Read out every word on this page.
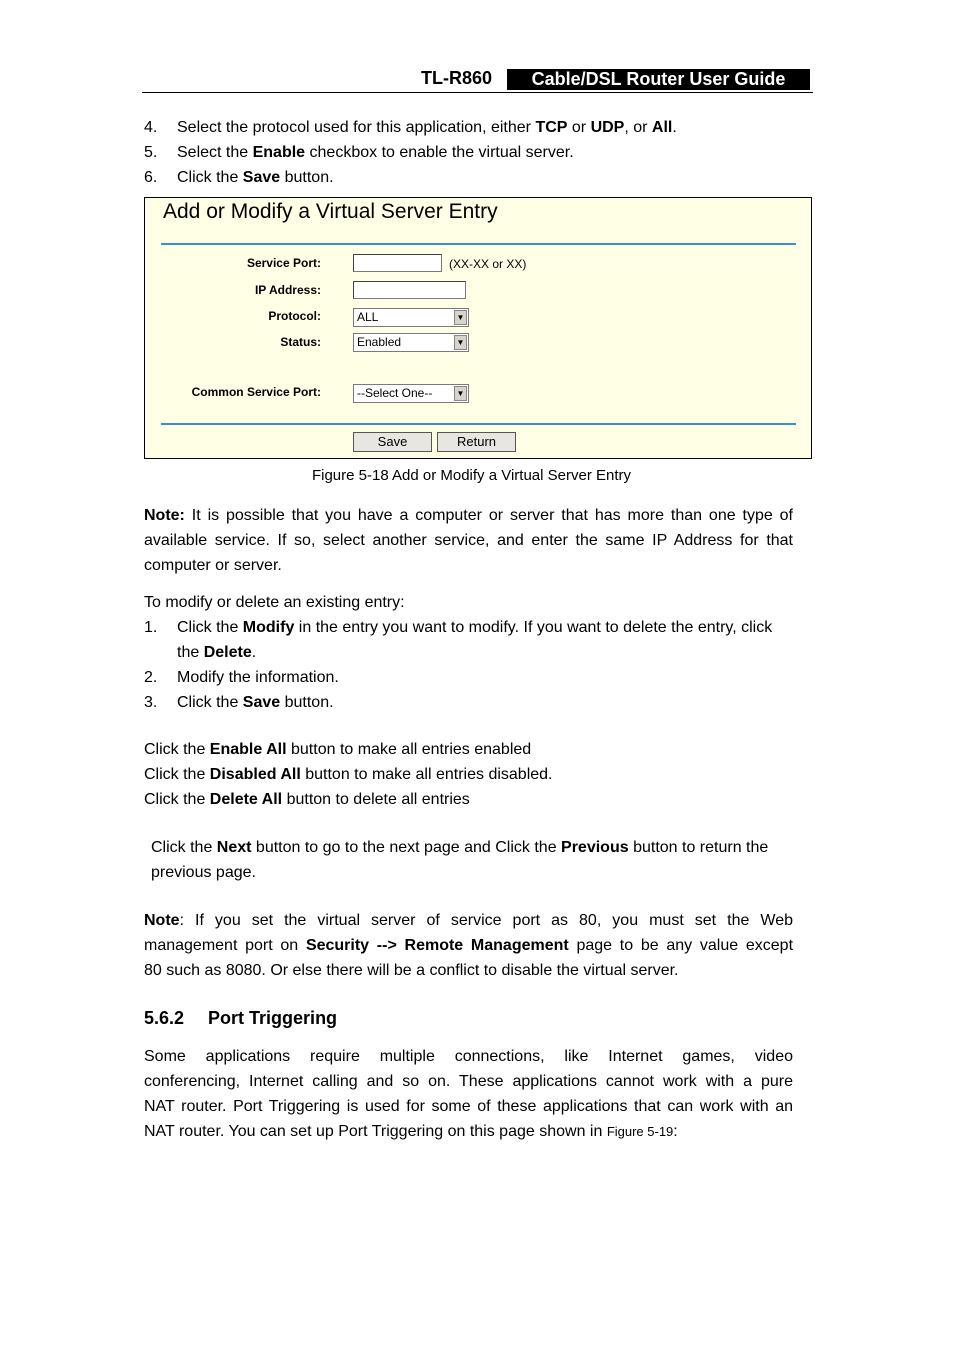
TL-R860	Cable/DSL Router User Guide
4. Select the protocol used for this application, either TCP or UDP, or All.
5. Select the Enable checkbox to enable the virtual server.
6. Click the Save button.
Add or Modify a Virtual Server Entry
Service Port:	(XX-XX or XX)
IP Address:
Protocol:	ALL	▼
Status:	Enabled	▼
Common Service Port:	--Select One--	▼
Save	Return
Figure 5-18 Add or Modify a Virtual Server Entry
Note: It is possible that you have a computer or server that has more than one type of
available service. If so, select another service, and enter the same IP Address for that
computer or server.
To modify or delete an existing entry:
1. Click the Modify in the entry you want to modify. If you want to delete the entry, click
the Delete.
2. Modify the information.
3. Click the Save button.
Click the Enable All button to make all entries enabled
Click the Disabled All button to make all entries disabled.
Click the Delete All button to delete all entries
Click the Next button to go to the next page and Click the Previous button to return the
previous page.
Note: If you set the virtual server of service port as 80, you must set the Web
management port on Security --> Remote Management page to be any value except
80 such as 8080. Or else there will be a conflict to disable the virtual server.
5.6.2 Port Triggering
Some applications require multiple connections, like Internet games, video
conferencing, Internet calling and so on. These applications cannot work with a pure
NAT router. Port Triggering is used for some of these applications that can work with an
NAT router. You can set up Port Triggering on this page shown in Figure 5-19:
